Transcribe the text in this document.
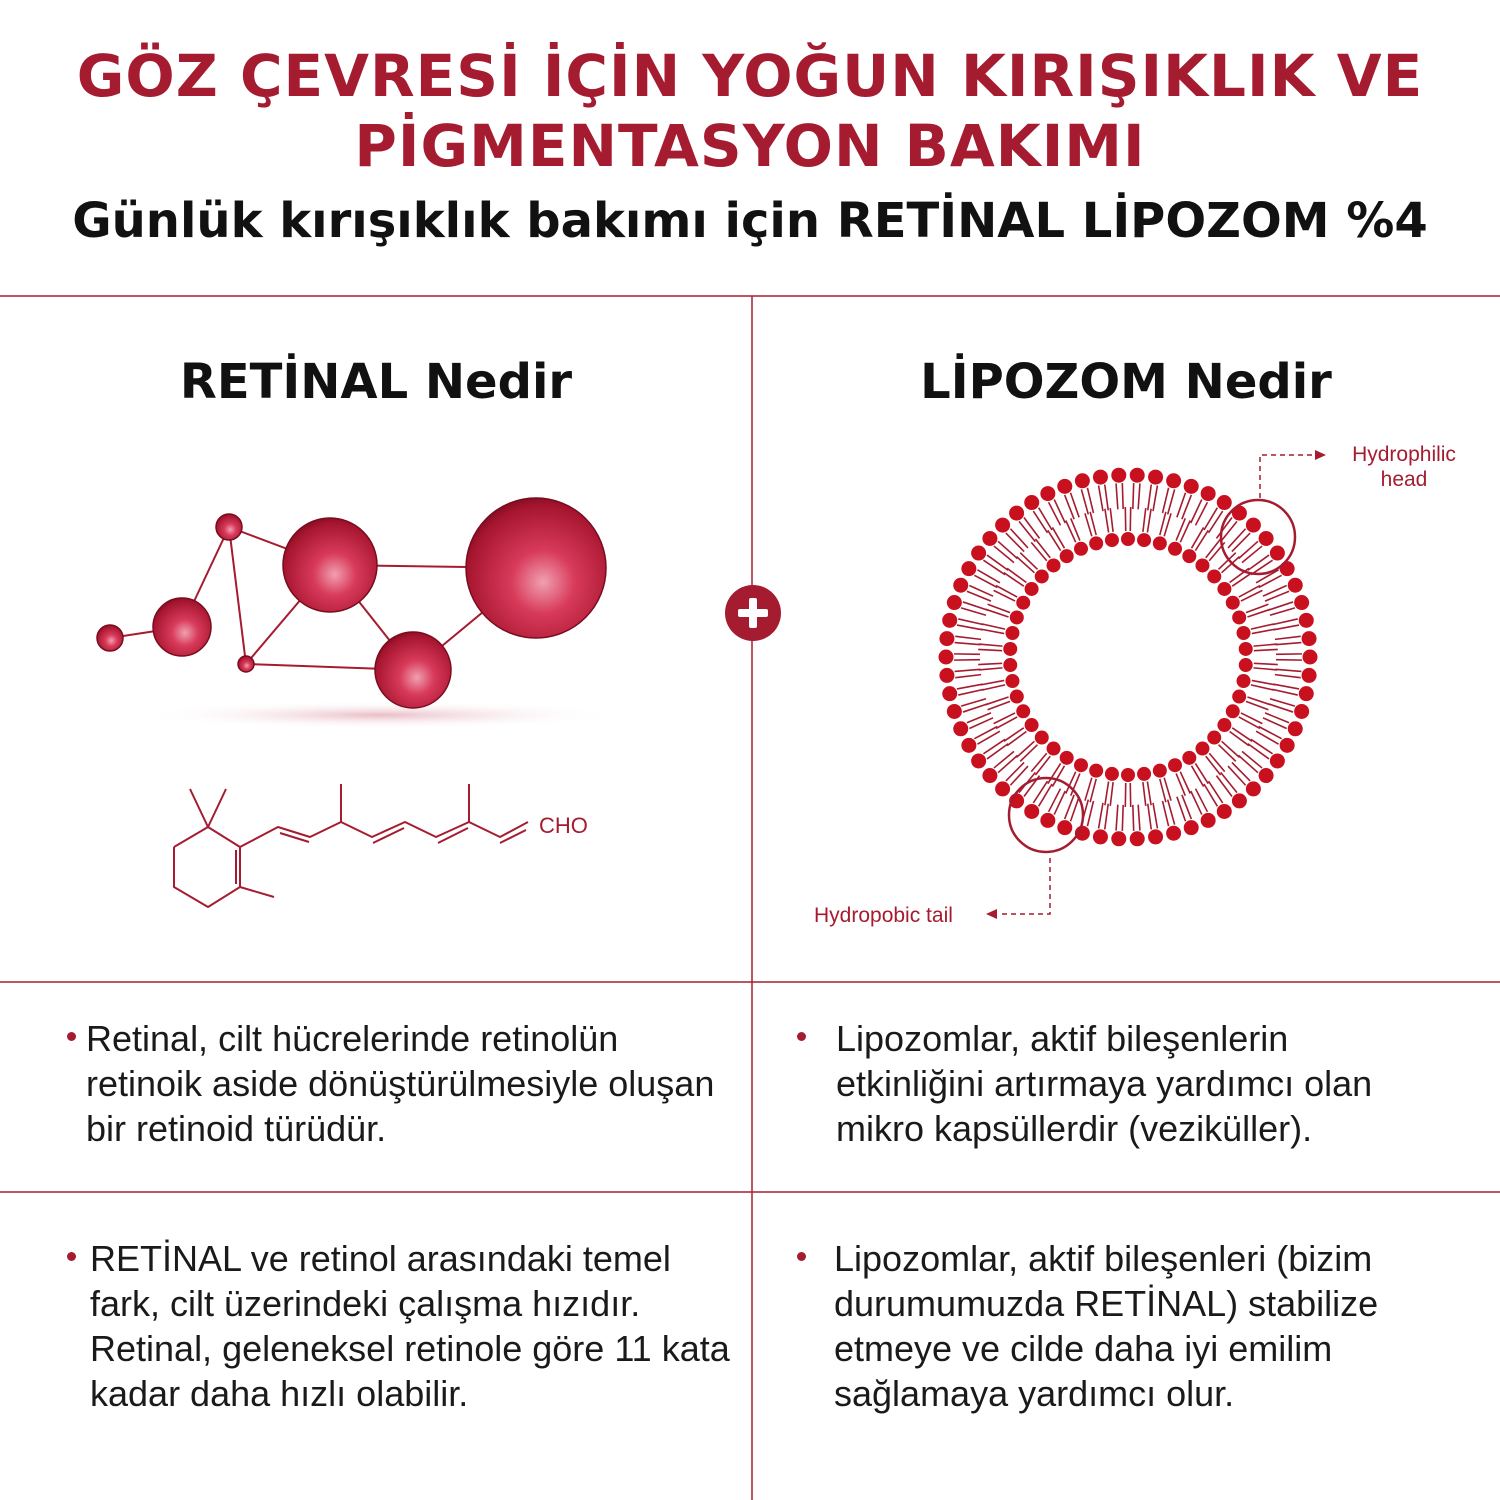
GÖZ ÇEVRESİ İÇİN YOĞUN KIRIŞIKLIK VE
PİGMENTASYON BAKIMI
Günlük kırışıklık bakımı için RETİNAL LİPOZOM %4
RETİNAL Nedir	LİPOZOM Nedir
CHO
Hydrophilic head
Hydropobic tail
Retinal, cilt hücrelerinde retinolün retinoik aside dönüştürülmesiyle oluşan bir retinoid türüdür.
Lipozomlar, aktif bileşenlerin etkinliğini artırmaya yardımcı olan mikro kapsüllerdir (veziküller).
RETİNAL ve retinol arasındaki temel fark, cilt üzerindeki çalışma hızıdır. Retinal, geleneksel retinole göre 11 kata kadar daha hızlı olabilir.
Lipozomlar, aktif bileşenleri (bizim durumumuzda RETİNAL) stabilize etmeye ve cilde daha iyi emilim sağlamaya yardımcı olur.
